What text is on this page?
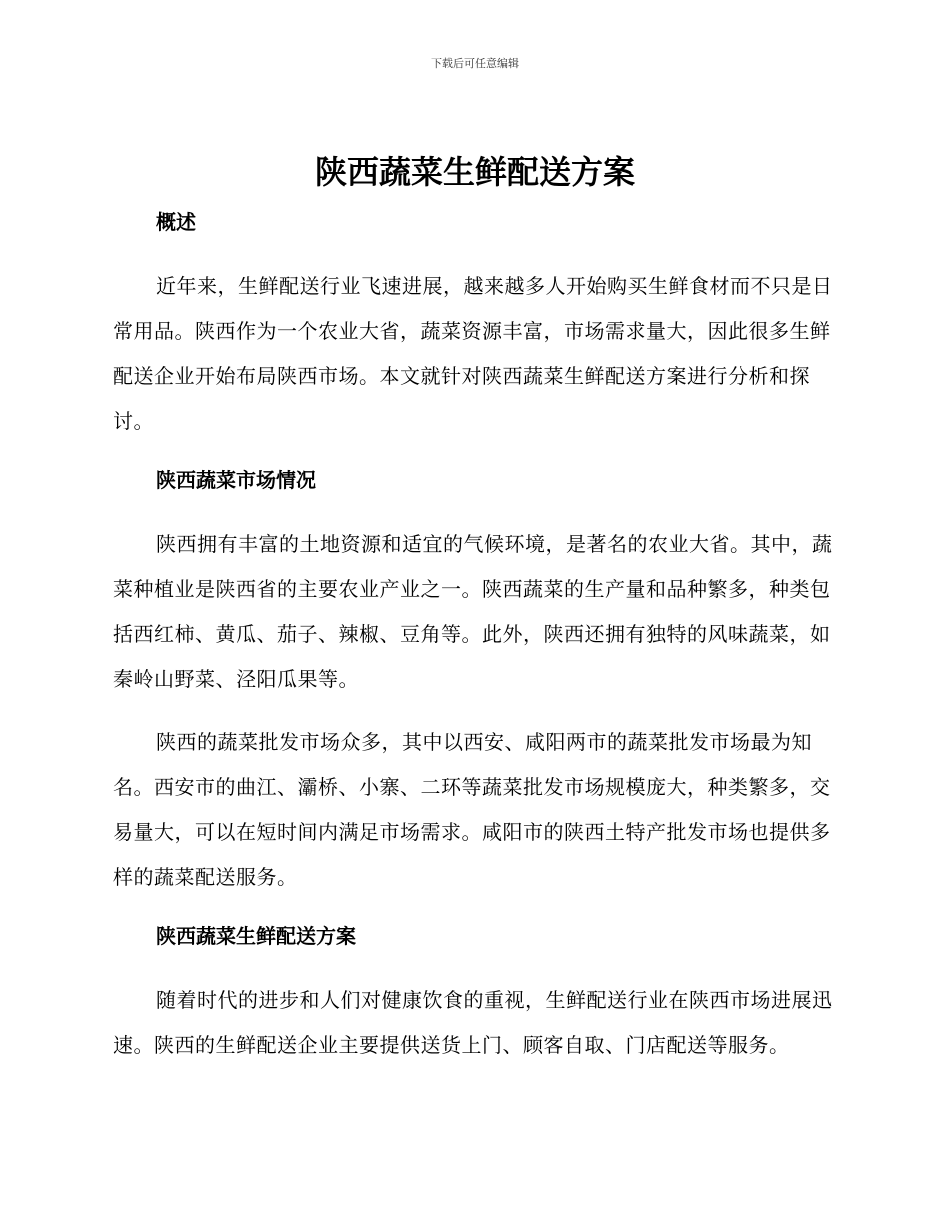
下载后可任意编辑

陕西蔬菜生鲜配送方案
概述

近年来，生鲜配送行业飞速进展，越来越多人开始购买生鲜食材而不只是日常用品。陕西作为一个农业大省，蔬菜资源丰富，市场需求量大，因此很多生鲜配送企业开始布局陕西市场。本文就针对陕西蔬菜生鲜配送方案进行分析和探讨。

陕西蔬菜市场情况

陕西拥有丰富的土地资源和适宜的气候环境，是著名的农业大省。其中，蔬菜种植业是陕西省的主要农业产业之一。陕西蔬菜的生产量和品种繁多，种类包括西红柿、黄瓜、茄子、辣椒、豆角等。此外，陕西还拥有独特的风味蔬菜，如秦岭山野菜、泾阳瓜果等。

陕西的蔬菜批发市场众多，其中以西安、咸阳两市的蔬菜批发市场最为知名。西安市的曲江、灞桥、小寨、二环等蔬菜批发市场规模庞大，种类繁多，交易量大，可以在短时间内满足市场需求。咸阳市的陕西土特产批发市场也提供多样的蔬菜配送服务。

陕西蔬菜生鲜配送方案

随着时代的进步和人们对健康饮食的重视，生鲜配送行业在陕西市场进展迅速。陕西的生鲜配送企业主要提供送货上门、顾客自取、门店配送等服务。
